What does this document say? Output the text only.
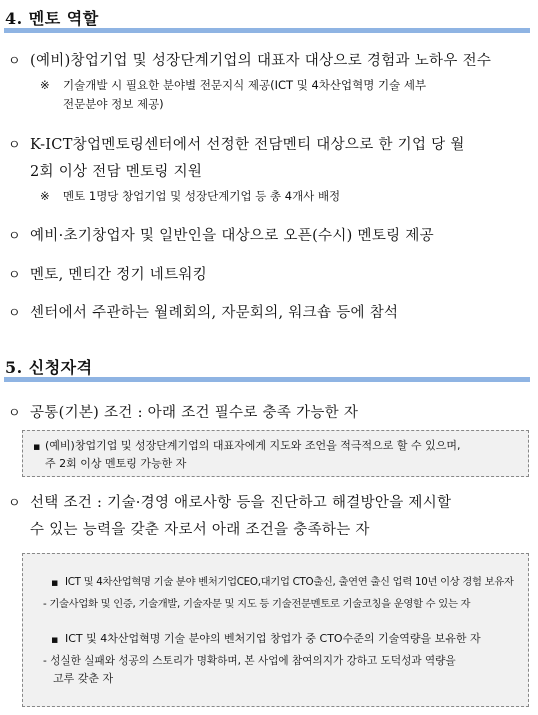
4. 멘토 역할
ㅇ (예비)창업기업 및 성장단계기업의 대표자 대상으로 경험과 노하우 전수
※ 기술개발 시 필요한 분야별 전문지식 제공(ICT 및 4차산업혁명 기술 세부
전문분야 정보 제공)
ㅇ K-ICT창업멘토링센터에서 선정한 전담멘티 대상으로 한 기업 당 월
2회 이상 전담 멘토링 지원
※ 멘토 1명당 창업기업 및 성장단계기업 등 총 4개사 배정
ㅇ 예비·초기창업자 및 일반인을 대상으로 오픈(수시) 멘토링 제공
ㅇ 멘토, 멘티간 정기 네트워킹
ㅇ 센터에서 주관하는 월례회의, 자문회의, 워크숍 등에 참석
5. 신청자격
ㅇ 공통(기본) 조건 : 아래 조건 필수로 충족 가능한 자
▪ (예비)창업기업 및 성장단계기업의 대표자에게 지도와 조언을 적극적으로 할 수 있으며,
주 2회 이상 멘토링 가능한 자
ㅇ 선택 조건 : 기술·경영 애로사항 등을 진단하고 해결방안을 제시할
수 있는 능력을 갖춘 자로서 아래 조건을 충족하는 자
▪ ICT 및 4차산업혁명 기술 분야 벤처기업CEO,대기업 CTO출신, 출연연 출신 업력 10년 이상 경험 보유자
- 기술사업화 및 인증, 기술개발, 기술자문 및 지도 등 기술전문멘토로 기술코칭을 운영할 수 있는 자
▪ ICT 및 4차산업혁명 기술 분야의 벤처기업 창업가 중 CTO수준의 기술역량을 보유한 자
- 성실한 실패와 성공의 스토리가 명확하며, 본 사업에 참여의지가 강하고 도덕성과 역량을
고루 갖춘 자
